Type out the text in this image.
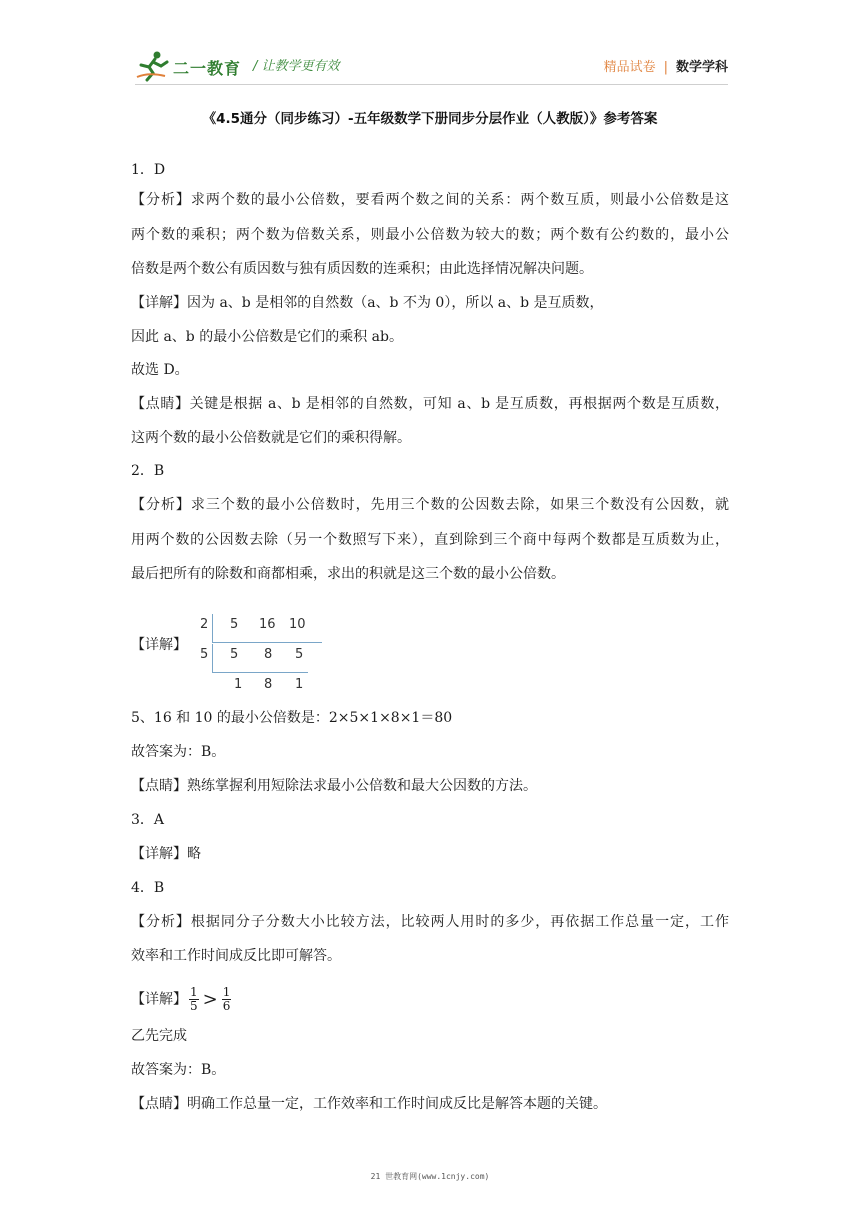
二一教育 / 让教学更有效	精品试卷 | 数学学科
《4.5通分（同步练习）-五年级数学下册同步分层作业（人教版）》参考答案
1．D
【分析】求两个数的最小公倍数，要看两个数之间的关系：两个数互质，则最小公倍数是这
两个数的乘积；两个数为倍数关系，则最小公倍数为较大的数；两个数有公约数的，最小公
倍数是两个数公有质因数与独有质因数的连乘积；由此选择情况解决问题。
【详解】因为 a、b 是相邻的自然数（a、b 不为 0），所以 a、b 是互质数，
因此 a、b 的最小公倍数是它们的乘积 ab。
故选 D。
【点睛】关键是根据 a、b 是相邻的自然数，可知 a、b 是互质数，再根据两个数是互质数，
这两个数的最小公倍数就是它们的乘积得解。
2．B
【分析】求三个数的最小公倍数时，先用三个数的公因数去除，如果三个数没有公因数，就
用两个数的公因数去除（另一个数照写下来），直到除到三个商中每两个数都是互质数为止，
最后把所有的除数和商都相乘，求出的积就是这三个数的最小公倍数。
【详解】
2 5 16 10
5 5 8 5
1 8 1
5、16 和 10 的最小公倍数是：2×5×1×8×1＝80
故答案为：B。
【点睛】熟练掌握利用短除法求最小公倍数和最大公因数的方法。
3．A
【详解】略
4．B
【分析】根据同分子分数大小比较方法，比较两人用时的多少，再依据工作总量一定，工作
效率和工作时间成反比即可解答。
【详解】 $\frac{1}{5} > \frac{1}{6}$
乙先完成
故答案为：B。
【点睛】明确工作总量一定，工作效率和工作时间成反比是解答本题的关键。
21 世教育网(www.1cnjy.com)
